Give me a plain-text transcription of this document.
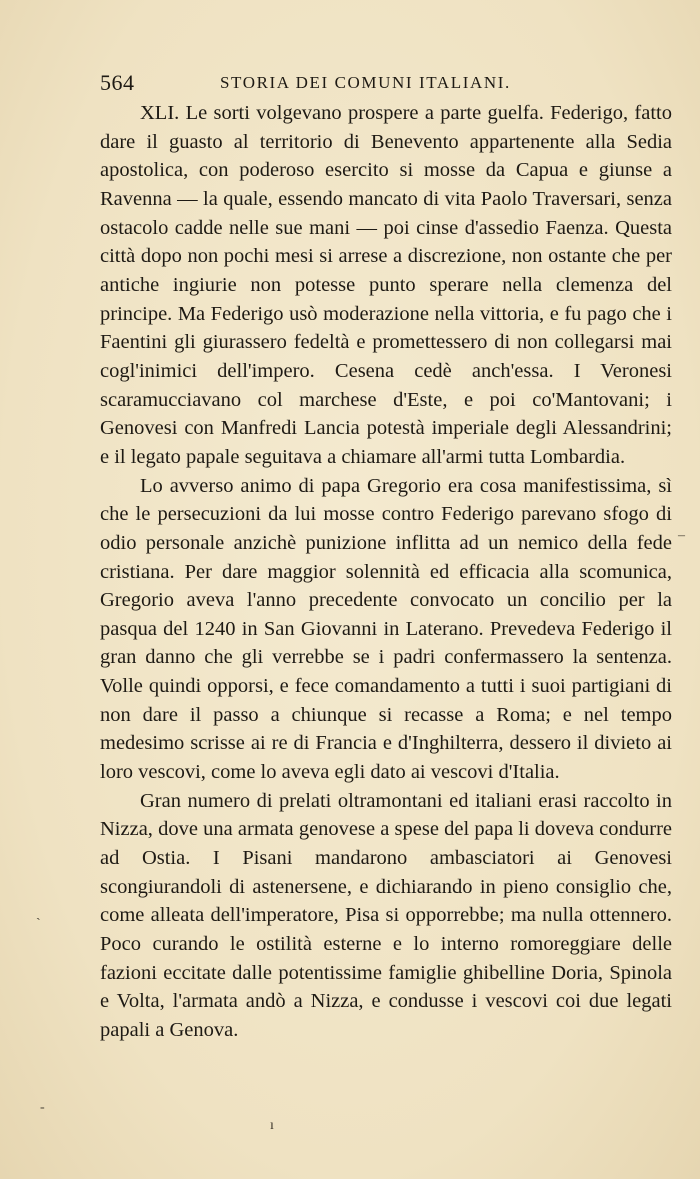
564	STORIA DEI COMUNI ITALIANI.

XLI. Le sorti volgevano prospere a parte guelfa. Federigo, fatto dare il guasto al territorio di Benevento appartenente alla Sedia apostolica, con poderoso esercito si mosse da Capua e giunse a Ravenna — la quale, essendo mancato di vita Paolo Traversari, senza ostacolo cadde nelle sue mani — poi cinse d'assedio Faenza. Questa città dopo non pochi mesi si arrese a discrezione, non ostante che per antiche ingiurie non potesse punto sperare nella clemenza del principe. Ma Federigo usò moderazione nella vittoria, e fu pago che i Faentini gli giurassero fedeltà e promettessero di non collegarsi mai cogl'inimici dell'impero. Cesena cedè anch'essa. I Veronesi scaramucciavano col marchese d'Este, e poi co'Mantovani; i Genovesi con Manfredi Lancia potestà imperiale degli Alessandrini; e il legato papale seguitava a chiamare all'armi tutta Lombardia.

Lo avverso animo di papa Gregorio era cosa manifestissima, sì che le persecuzioni da lui mosse contro Federigo parevano sfogo di odio personale anzichè punizione inflitta ad un nemico della fede cristiana. Per dare maggior solennità ed efficacia alla scomunica, Gregorio aveva l'anno precedente convocato un concilio per la pasqua del 1240 in San Giovanni in Laterano. Prevedeva Federigo il gran danno che gli verrebbe se i padri confermassero la sentenza. Volle quindi opporsi, e fece comandamento a tutti i suoi partigiani di non dare il passo a chiunque si recasse a Roma; e nel tempo medesimo scrisse ai re di Francia e d'Inghilterra, dessero il divieto ai loro vescovi, come lo aveva egli dato ai vescovi d'Italia.

Gran numero di prelati oltramontani ed italiani erasi raccolto in Nizza, dove una armata genovese a spese del papa li doveva condurre ad Ostia. I Pisani mandarono ambasciatori ai Genovesi scongiurandoli di astenersene, e dichiarando in pieno consiglio che, come alleata dell'imperatore, Pisa si opporrebbe; ma nulla ottennero. Poco curando le ostilità esterne e lo interno romoreggiare delle fazioni eccitate dalle potentissime famiglie ghibelline Doria, Spinola e Volta, l'armata andò a Nizza, e condusse i vescovi coi due legati papali a Genova.

–
ˎ
-
ı
